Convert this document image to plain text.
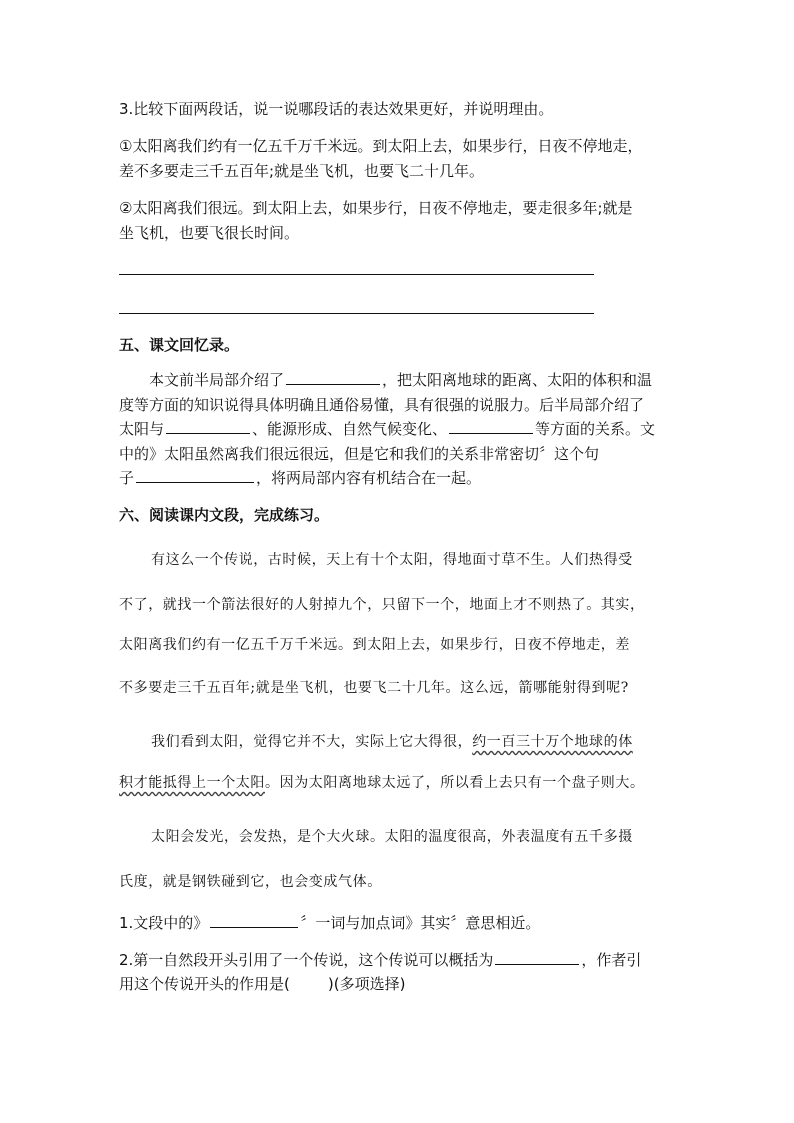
3.比较下面两段话，说一说哪段话的表达效果更好，并说明理由。
①太阳离我们约有一亿五千万千米远。到太阳上去，如果步行，日夜不停地走，
差不多要走三千五百年;就是坐飞机，也要飞二十几年。
②太阳离我们很远。到太阳上去，如果步行，日夜不停地走，要走很多年;就是
坐飞机，也要飞很长时间。
五、课文回忆录。
本文前半局部介绍了	，把太阳离地球的距离、太阳的体积和温
度等方面的知识说得具体明确且通俗易懂，具有很强的说服力。后半局部介绍了
太阳与	、能源形成、自然气候变化、	等方面的关系。文
中的》太阳虽然离我们很远很远，但是它和我们的关系非常密切〞这个句
子	，将两局部内容有机结合在一起。
六、阅读课内文段，完成练习。
有这么一个传说，古时候，天上有十个太阳，得地面寸草不生。人们热得受
不了，就找一个箭法很好的人射掉九个，只留下一个，地面上才不则热了。其实，
太阳离我们约有一亿五千万千米远。到太阳上去，如果步行，日夜不停地走，差
不多要走三千五百年;就是坐飞机，也要飞二十几年。这么远，箭哪能射得到呢?
我们看到太阳，觉得它并不大，实际上它大得很，约一百三十万个地球的体
积才能抵得上一个太阳。因为太阳离地球太远了，所以看上去只有一个盘子则大。
太阳会发光，会发热，是个大火球。太阳的温度很高，外表温度有五千多摄
氏度，就是钢铁碰到它，也会变成气体。
1.文段中的》	〞一词与加点词》其实〞意思相近。
2.第一自然段开头引用了一个传说，这个传说可以概括为	，作者引
用这个传说开头的作用是(	)(多项选择)
